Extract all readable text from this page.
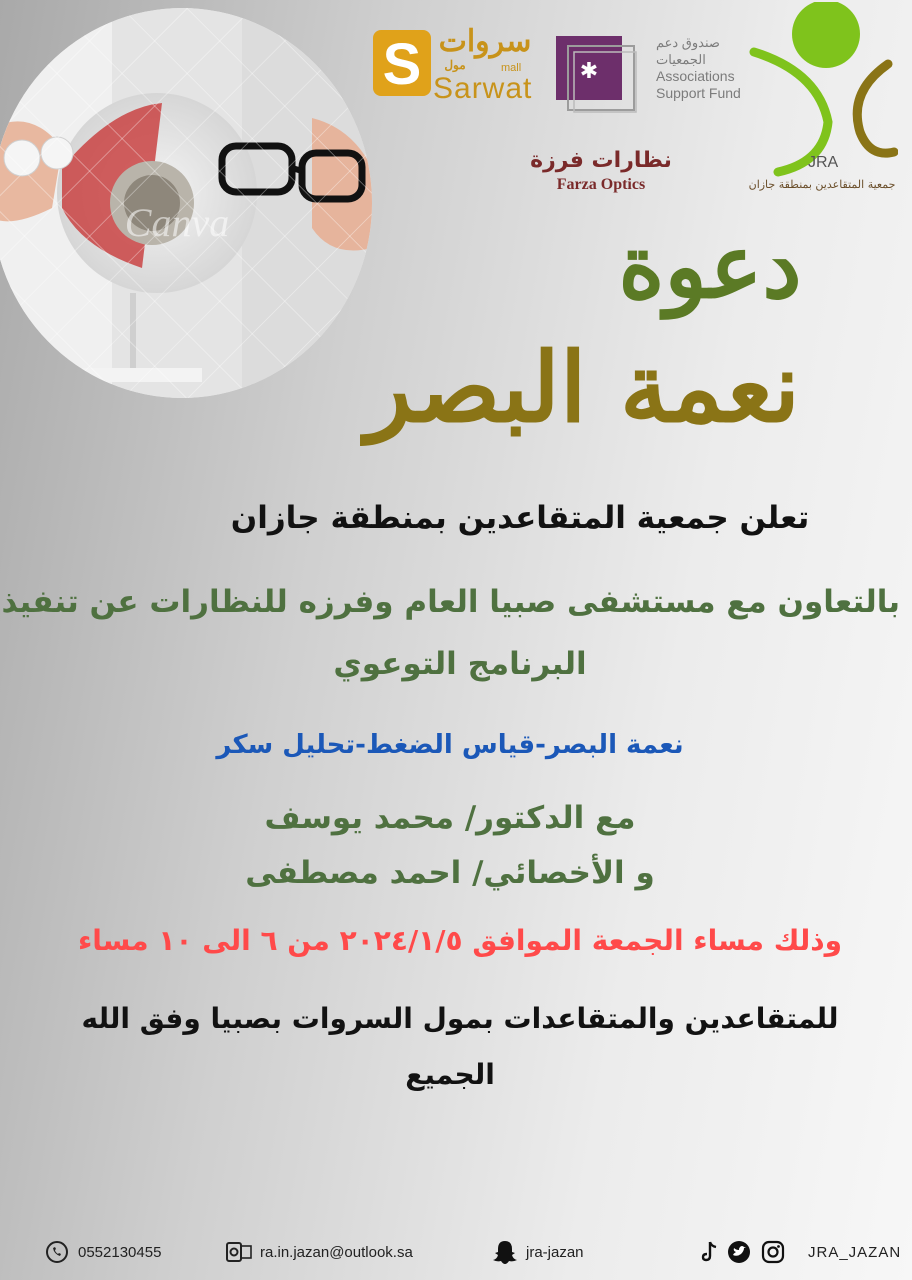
Canva
S سروات
مول	mall
Sarwat
✱
صندوق دعم
الجمعيات
Associations
Support Fund
JRA
جمعية المتقاعدين بمنطقة جازان
نظارات فرزة
Farza Optics
دعوة
نعمة البصر
تعلن جمعية المتقاعدين بمنطقة جازان
بالتعاون مع مستشفى صبيا العام وفرزه للنظارات عن تنفيذ
البرنامج التوعوي
نعمة البصر-قياس الضغط-تحليل سكر
مع الدكتور/ محمد يوسف
و الأخصائي/ احمد مصطفى
وذلك مساء الجمعة الموافق ٢٠٢٤/١/٥ من ٦ الى ١٠ مساء
للمتقاعدين والمتقاعدات بمول السروات بصبيا وفق الله
الجميع
0552130455	ra.in.jazan@outlook.sa	jra-jazan	JRA_JAZAN
